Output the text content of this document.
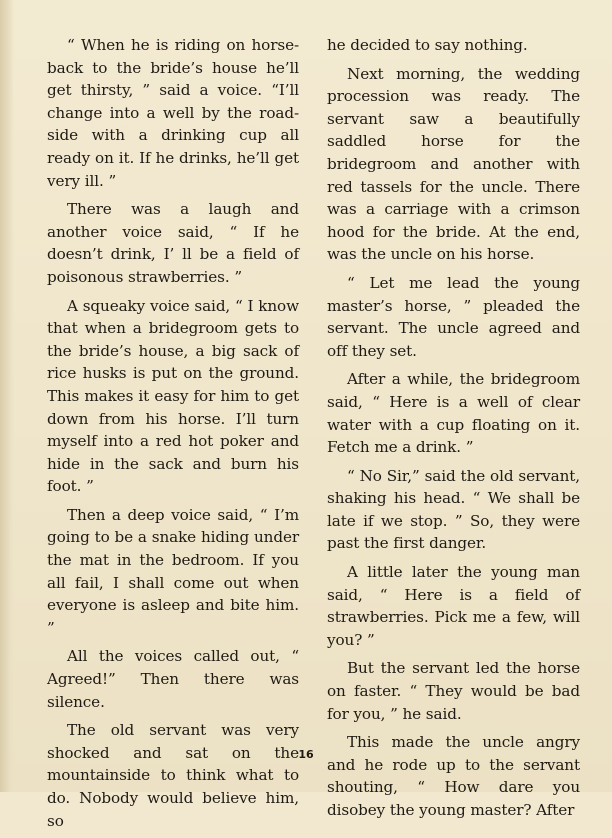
“ When he is riding on horse-back to the bride’s house he’ll get thirsty, ” said a voice. “I’ll change into a well by the road-side with a drinking cup all ready on it. If he drinks, he’ll get very ill. ”

There was a laugh and another voice said, “ If he doesn’t drink, I’ ll be a field of poisonous strawberries. ”

A squeaky voice said, “ I know that when a bridegroom gets to the bride’s house, a big sack of rice husks is put on the ground. This makes it easy for him to get down from his horse. I’ll turn myself into a red hot poker and hide in the sack and burn his foot. ”

Then a deep voice said, “ I’m going to be a snake hiding under the mat in the bedroom. If you all fail, I shall come out when everyone is asleep and bite him. ”

All the voices called out, “ Agreed!” Then there was silence.

The old servant was very shocked and sat on the mountainside to think what to do. Nobody would believe him, so

he decided to say nothing.

Next morning, the wedding procession was ready. The servant saw a beautifully saddled horse for the bridegroom and another with red tassels for the uncle. There was a carriage with a crimson hood for the bride. At the end, was the uncle on his horse.

“ Let me lead the young master’s horse, ” pleaded the servant. The uncle agreed and off they set.

After a while, the bridegroom said, “ Here is a well of clear water with a cup floating on it. Fetch me a drink. ”

“ No Sir,” said the old servant, shaking his head. “ We shall be late if we stop. ” So, they were past the first danger.

A little later the young man said, “ Here is a field of strawberries. Pick me a few, will you? ”

But the servant led the horse on faster. “ They would be bad for you, ” he said.

This made the uncle angry and he rode up to the servant shouting, “ How dare you disobey the young master? After

16
